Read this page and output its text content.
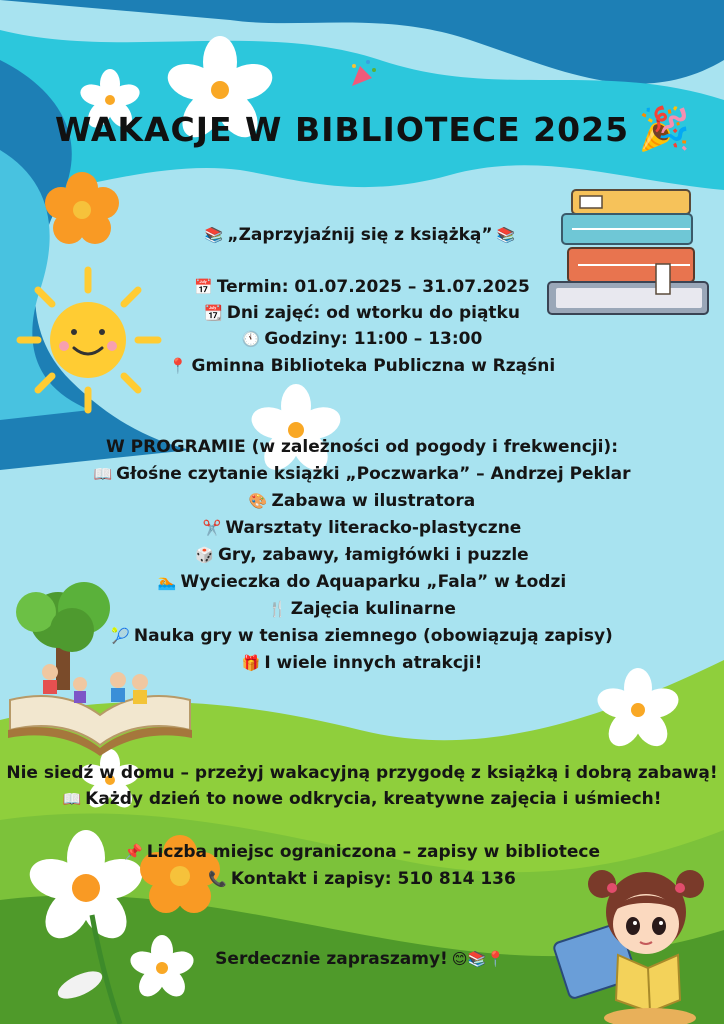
WAKACJE W BIBLIOTECE 2025 🎉

📚 „Zaprzyjaźnij się z książką” 📚

📅 Termin: 01.07.2025 – 31.07.2025

📆 Dni zajęć: od wtorku do piątku

🕚 Godziny: 11:00 – 13:00

📍 Gminna Biblioteka Publiczna w Rząśni

W PROGRAMIE (w zależności od pogody i frekwencji):

📖 Głośne czytanie książki „Poczwarka” – Andrzej Peklar

🎨 Zabawa w ilustratora

✂️ Warsztaty literacko-plastyczne

🎲 Gry, zabawy, łamigłówki i puzzle

🏊 Wycieczka do Aquaparku „Fala” w Łodzi

🍴 Zajęcia kulinarne

🎾 Nauka gry w tenisa ziemnego (obowiązują zapisy)

🎁 I wiele innych atrakcji!

Nie siedź w domu – przeżyj wakacyjną przygodę z książką i dobrą zabawą!

📖 Każdy dzień to nowe odkrycia, kreatywne zajęcia i uśmiech!

📌 Liczba miejsc ograniczona – zapisy w bibliotece

📞 Kontakt i zapisy: 510 814 136

Serdecznie zapraszamy! 😊📚📍
